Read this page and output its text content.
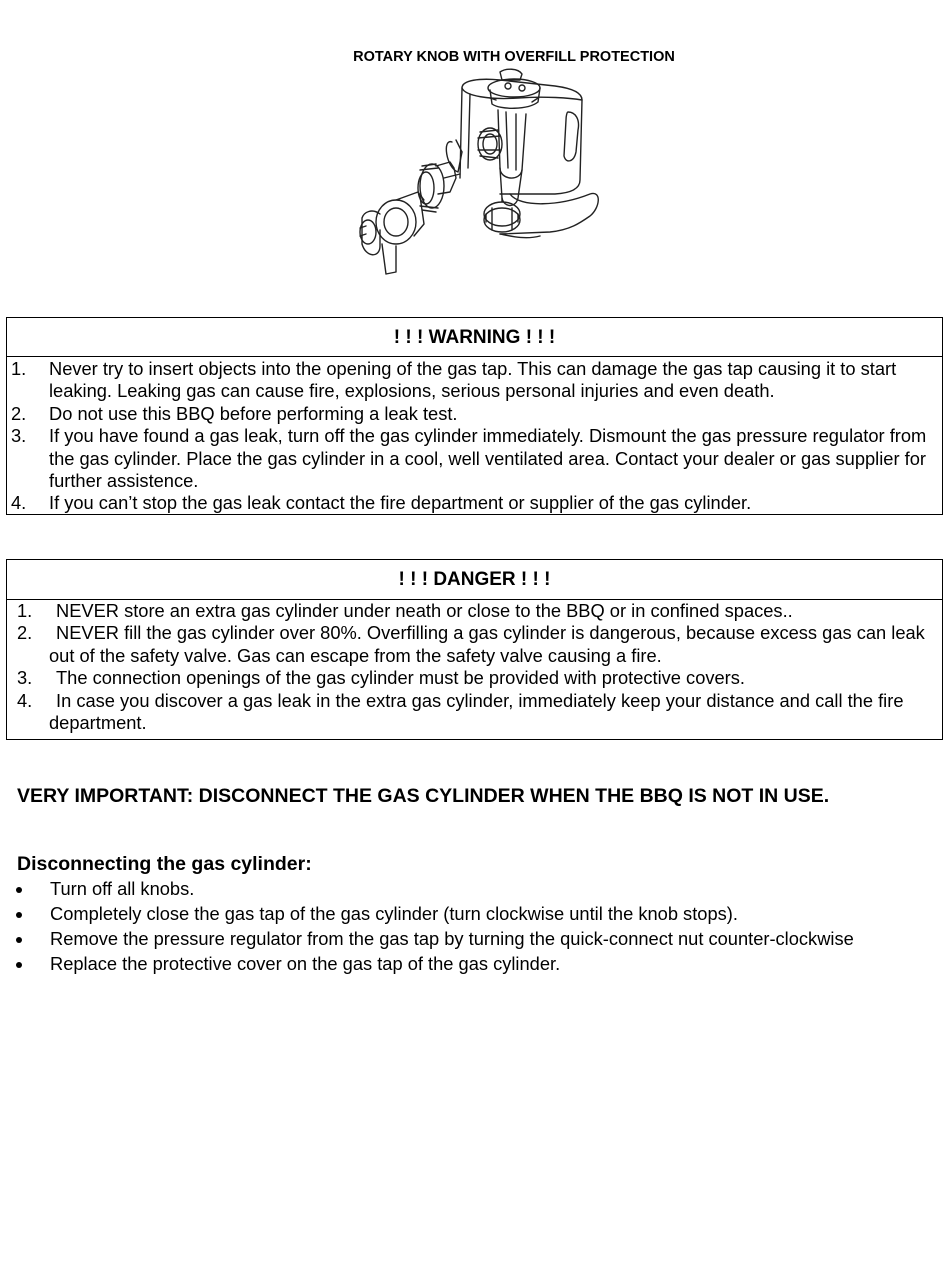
ROTARY KNOB WITH OVERFILL PROTECTION
! ! ! WARNING ! ! !
1. Never try to insert objects into the opening of the gas tap. This can damage the gas tap causing it to start leaking. Leaking gas can cause fire, explosions, serious personal injuries and even death.
2. Do not use this BBQ before performing a leak test.
3. If you have found a gas leak, turn off the gas cylinder immediately. Dismount the gas pressure regulator from the gas cylinder. Place the gas cylinder in a cool, well ventilated area. Contact your dealer or gas supplier for further assistence.
4. If you can’t stop the gas leak contact the fire department or supplier of the gas cylinder.
! ! ! DANGER ! ! !
1. NEVER store an extra gas cylinder under neath or close to the BBQ or in confined spaces..
2. NEVER fill the gas cylinder over 80%. Overfilling a gas cylinder is dangerous, because excess gas can leak out of the safety valve. Gas can escape from the safety valve causing a fire.
3. The connection openings of the gas cylinder must be provided with protective covers.
4. In case you discover a gas leak in the extra gas cylinder, immediately keep your distance and call the fire department.
VERY IMPORTANT: DISCONNECT THE GAS CYLINDER WHEN THE BBQ IS NOT IN USE.
Disconnecting the gas cylinder:
Turn off all knobs.
Completely close the gas tap of the gas cylinder (turn clockwise until the knob stops).
Remove the pressure regulator from the gas tap by turning the quick-connect nut counter-clockwise
Replace the protective cover on the gas tap of the gas cylinder.
